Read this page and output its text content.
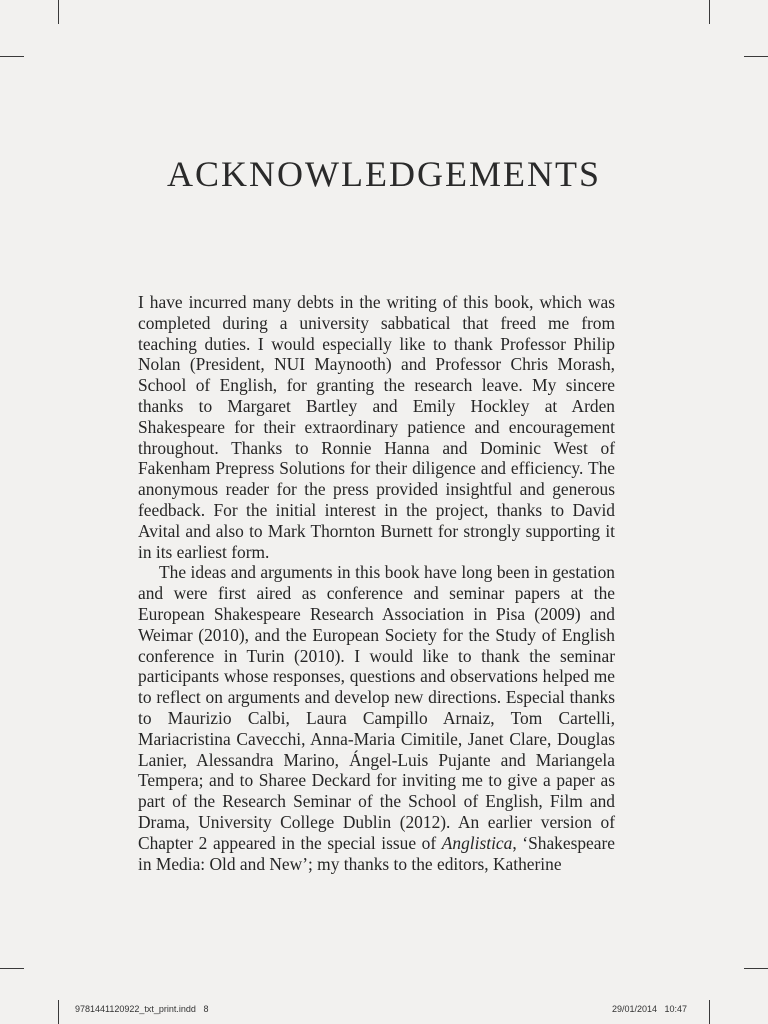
ACKNOWLEDGEMENTS

I have incurred many debts in the writing of this book, which was completed during a university sabbatical that freed me from teaching duties. I would especially like to thank Professor Philip Nolan (President, NUI Maynooth) and Professor Chris Morash, School of English, for granting the research leave. My sincere thanks to Margaret Bartley and Emily Hockley at Arden Shakespeare for their extraordinary patience and encouragement throughout. Thanks to Ronnie Hanna and Dominic West of Fakenham Prepress Solutions for their diligence and efficiency. The anonymous reader for the press provided insightful and generous feedback. For the initial interest in the project, thanks to David Avital and also to Mark Thornton Burnett for strongly supporting it in its earliest form.

The ideas and arguments in this book have long been in gestation and were first aired as conference and seminar papers at the European Shakespeare Research Association in Pisa (2009) and Weimar (2010), and the European Society for the Study of English conference in Turin (2010). I would like to thank the seminar participants whose responses, questions and observations helped me to reflect on arguments and develop new directions. Especial thanks to Maurizio Calbi, Laura Campillo Arnaiz, Tom Cartelli, Mariacristina Cavecchi, Anna-Maria Cimitile, Janet Clare, Douglas Lanier, Alessandra Marino, Ángel-Luis Pujante and Mariangela Tempera; and to Sharee Deckard for inviting me to give a paper as part of the Research Seminar of the School of English, Film and Drama, University College Dublin (2012). An earlier version of Chapter 2 appeared in the special issue of Anglistica, ‘Shakespeare in Media: Old and New’; my thanks to the editors, Katherine

9781441120922_txt_print.indd   8	29/01/2014   10:47
